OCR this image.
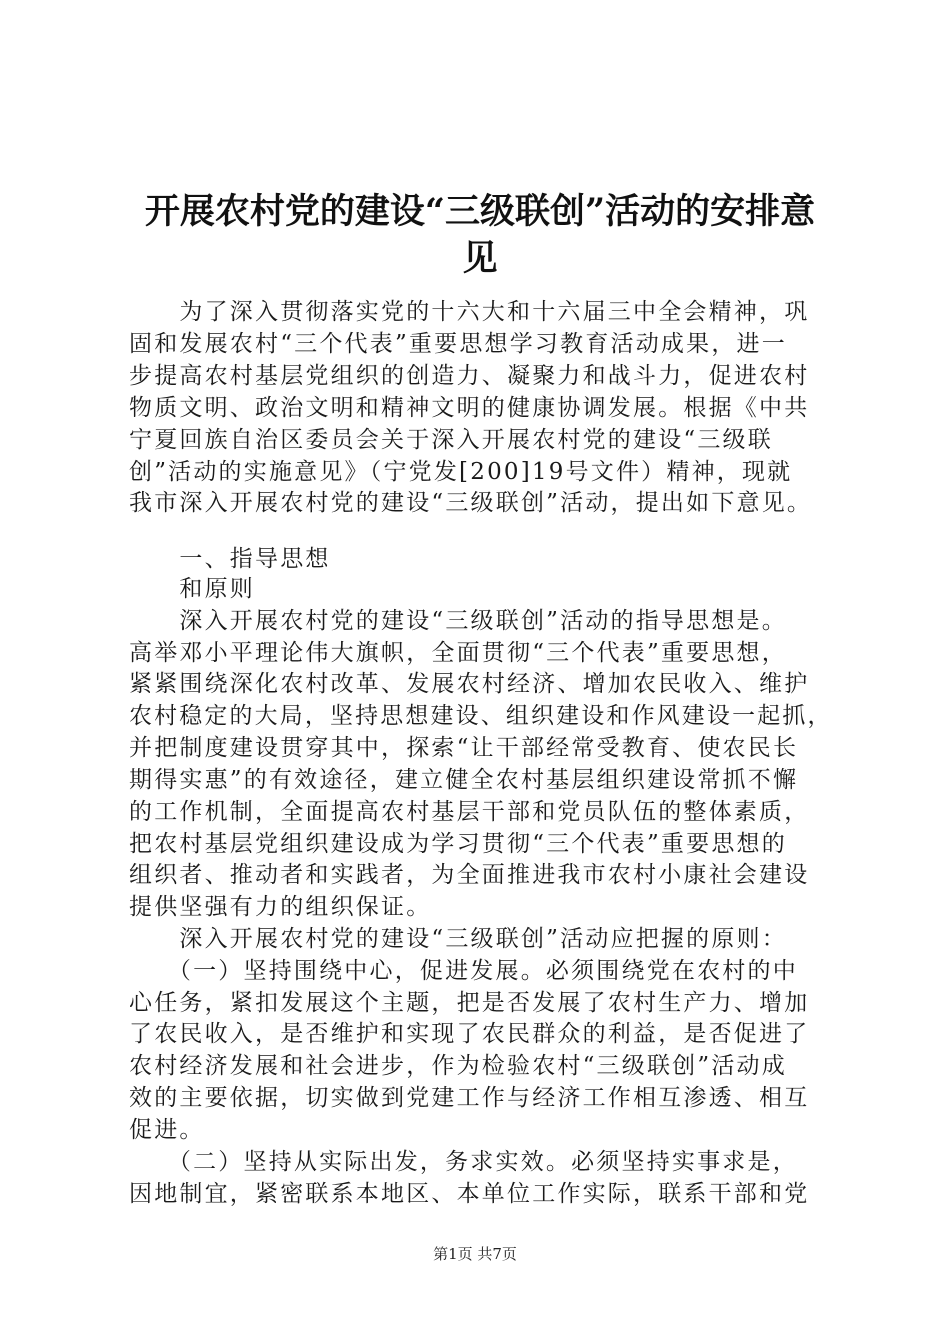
开展农村党的建设“三级联创”活动的安排意
见

　　为了深入贯彻落实党的十六大和十六届三中全会精神，巩

固和发展农村“三个代表”重要思想学习教育活动成果，进一

步提高农村基层党组织的创造力、凝聚力和战斗力，促进农村

物质文明、政治文明和精神文明的健康协调发展。根据《中共

宁夏回族自治区委员会关于深入开展农村党的建设“三级联

创”活动的实施意见》（宁党发[200]19号文件）精神，现就

我市深入开展农村党的建设“三级联创”活动，提出如下意见。

　　一、指导思想

　　和原则

　　深入开展农村党的建设“三级联创”活动的指导思想是。

高举邓小平理论伟大旗帜，全面贯彻“三个代表”重要思想，

紧紧围绕深化农村改革、发展农村经济、增加农民收入、维护

农村稳定的大局，坚持思想建设、组织建设和作风建设一起抓，

并把制度建设贯穿其中，探索“让干部经常受教育、使农民长

期得实惠”的有效途径，建立健全农村基层组织建设常抓不懈

的工作机制，全面提高农村基层干部和党员队伍的整体素质，

把农村基层党组织建设成为学习贯彻“三个代表”重要思想的

组织者、推动者和实践者，为全面推进我市农村小康社会建设

提供坚强有力的组织保证。

　　深入开展农村党的建设“三级联创”活动应把握的原则：

　　（一）坚持围绕中心，促进发展。必须围绕党在农村的中

心任务，紧扣发展这个主题，把是否发展了农村生产力、增加

了农民收入，是否维护和实现了农民群众的利益，是否促进了

农村经济发展和社会进步，作为检验农村“三级联创”活动成

效的主要依据，切实做到党建工作与经济工作相互渗透、相互

促进。

　　（二）坚持从实际出发，务求实效。必须坚持实事求是，

因地制宜，紧密联系本地区、本单位工作实际，联系干部和党

第1页 共7页
